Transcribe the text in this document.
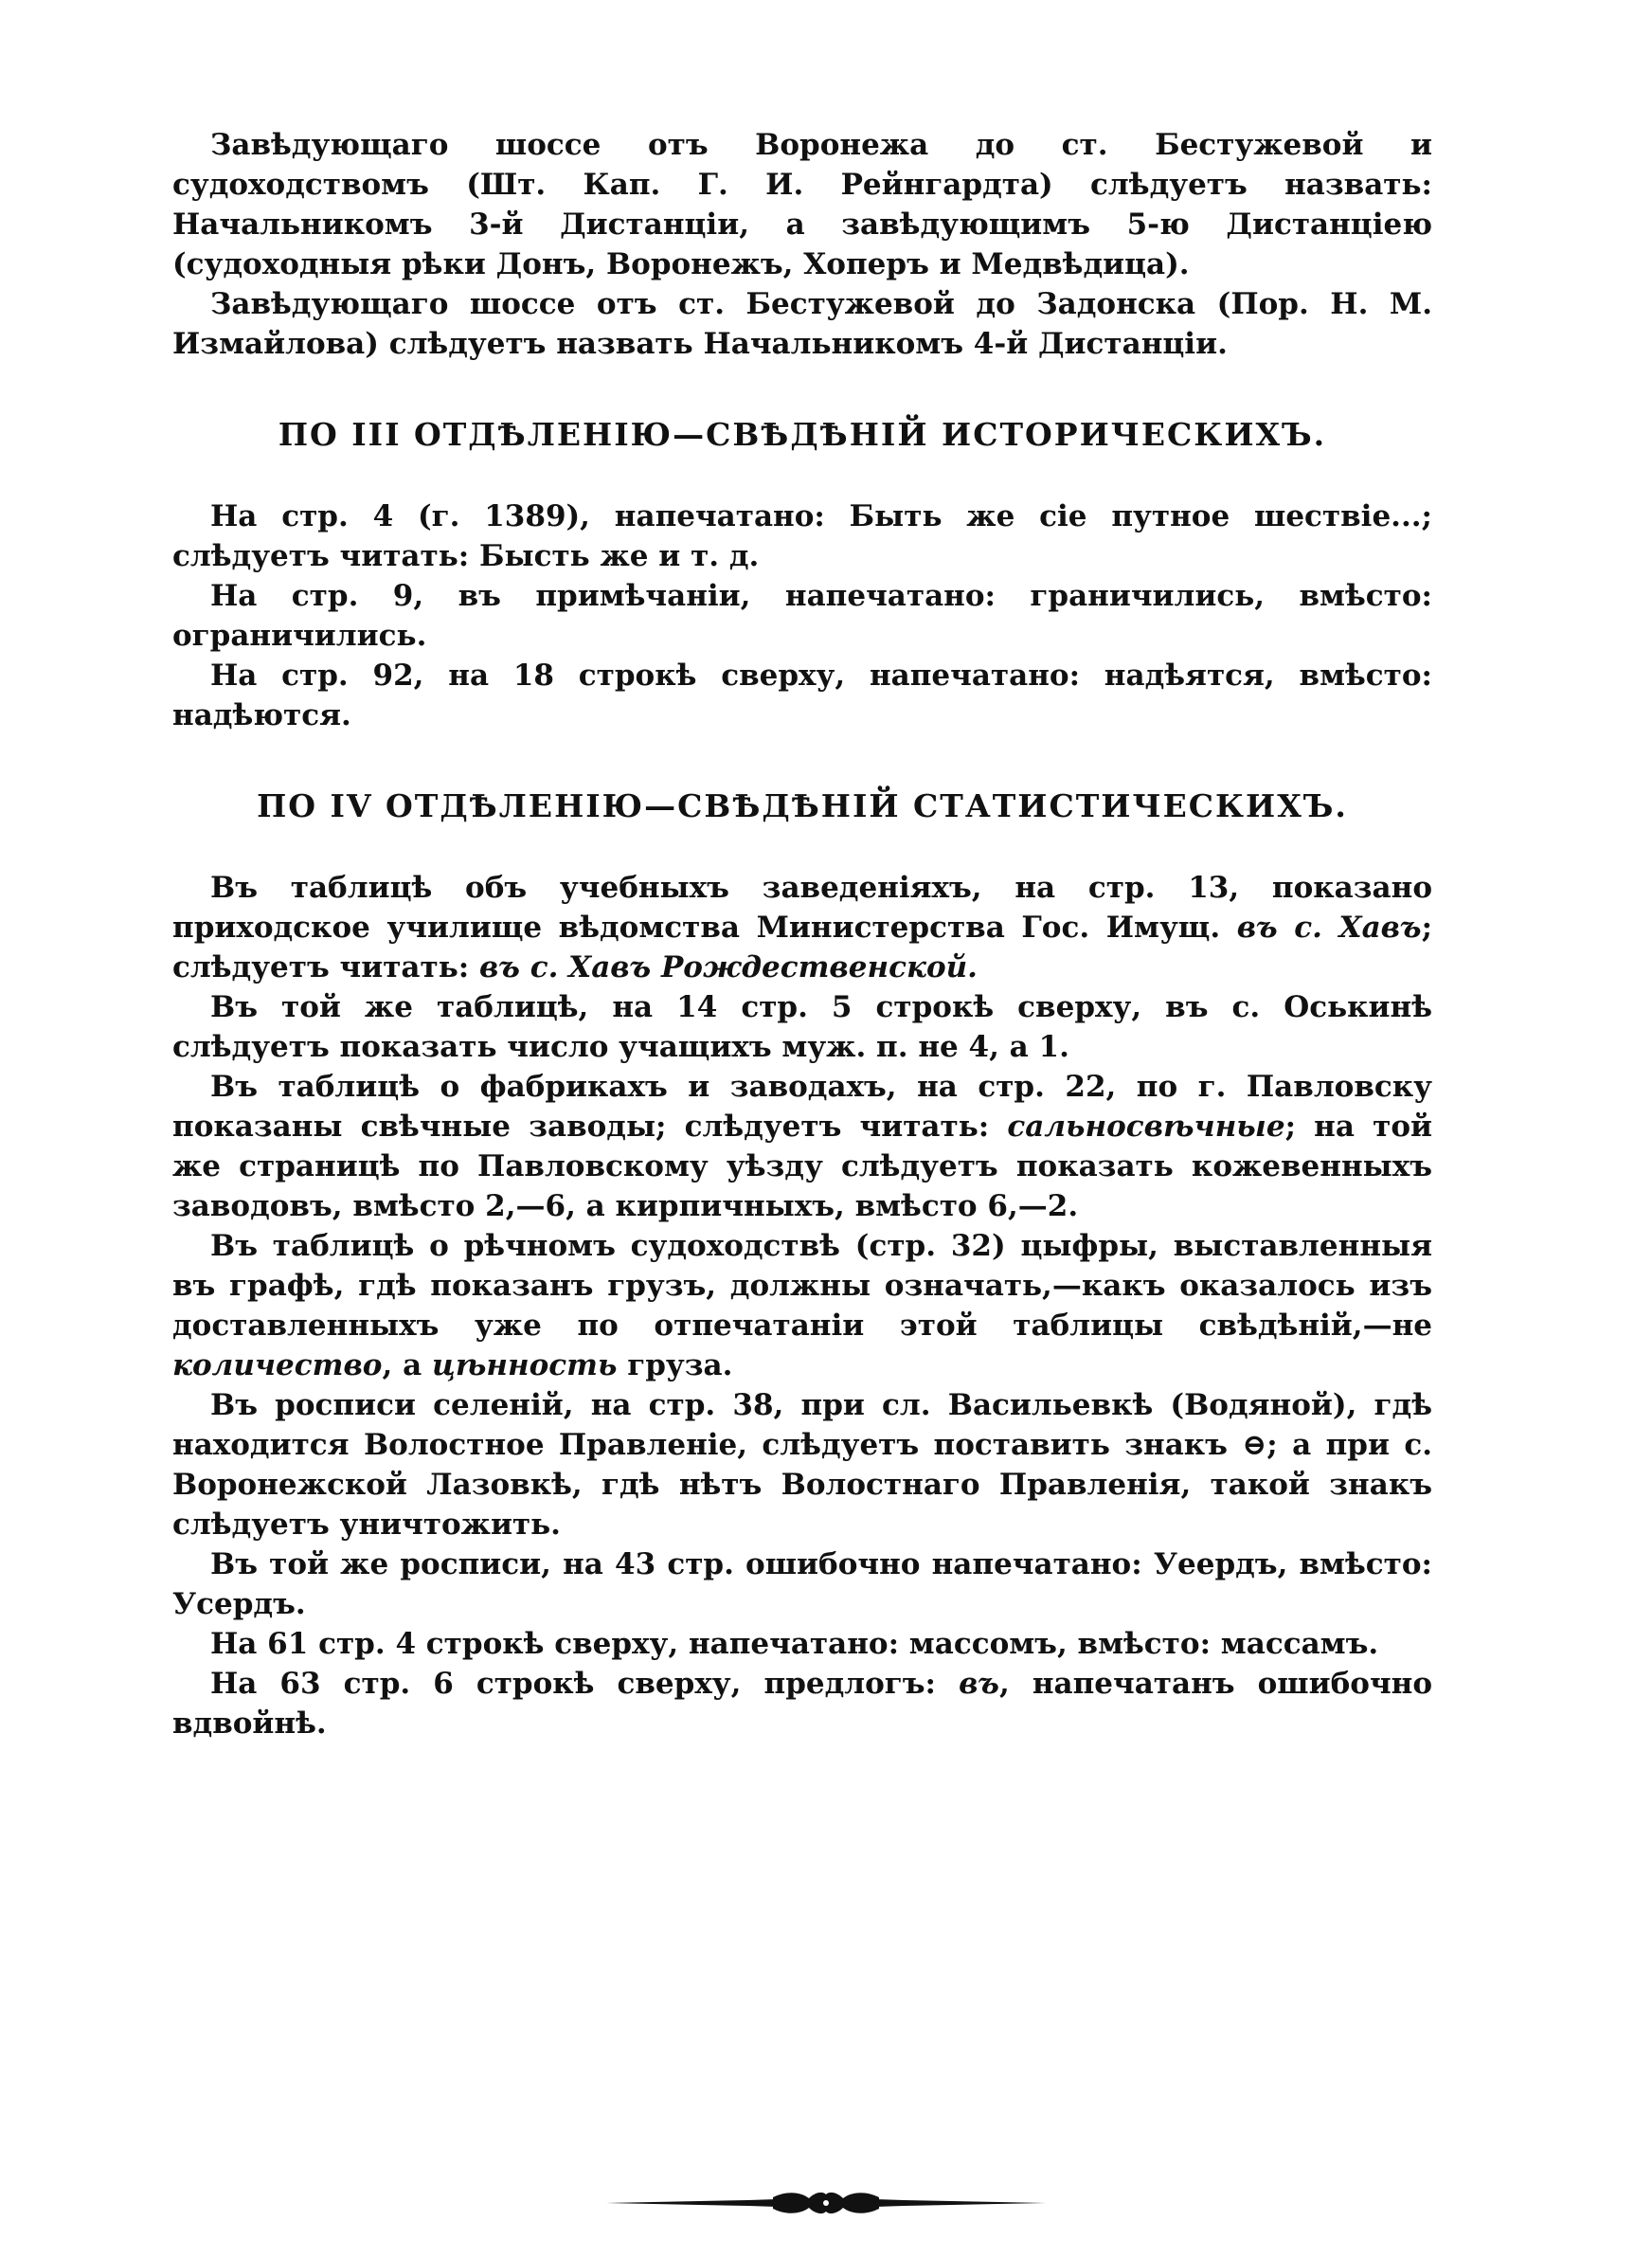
Завѣдующаго шоссе отъ Воронежа до ст. Бестужевой и судоходствомъ (Шт. Кап. Г. И. Рейнгардта) слѣдуетъ назвать: Начальникомъ 3-й Дистанціи, а завѣдующимъ 5-ю Дистанціею (судоходныя рѣки Донъ, Воронежъ, Хоперъ и Медвѣдица).

Завѣдующаго шоссе отъ ст. Бестужевой до Задонска (Пор. Н. М. Измайлова) слѣдуетъ назвать Начальникомъ 4-й Дистанціи.

ПО III ОТДѢЛЕНІЮ—СВѢДѢНІЙ ИСТОРИЧЕСКИХЪ.

На стр. 4 (г. 1389), напечатано: Быть же сіе путное шествіе...; слѣдуетъ читать: Бысть же и т. д.

На стр. 9, въ примѣчаніи, напечатано: граничились, вмѣсто: ограничились.

На стр. 92, на 18 строкѣ сверху, напечатано: надѣятся, вмѣсто: надѣются.

ПО IV ОТДѢЛЕНІЮ—СВѢДѢНІЙ СТАТИСТИЧЕСКИХЪ.

Въ таблицѣ объ учебныхъ заведеніяхъ, на стр. 13, показано приходское училище вѣдомства Министерства Гос. Имущ. въ с. Хавъ; слѣдуетъ читать: въ с. Хавъ Рождественской.

Въ той же таблицѣ, на 14 стр. 5 строкѣ сверху, въ с. Оськинѣ слѣдуетъ показать число учащихъ муж. п. не 4, а 1.

Въ таблицѣ о фабрикахъ и заводахъ, на стр. 22, по г. Павловску показаны свѣчные заводы; слѣдуетъ читать: сальносвѣчные; на той же страницѣ по Павловскому уѣзду слѣдуетъ показать кожевенныхъ заводовъ, вмѣсто 2,—6, а кирпичныхъ, вмѣсто 6,—2.

Въ таблицѣ о рѣчномъ судоходствѣ (стр. 32) цыфры, выставленныя въ графѣ, гдѣ показанъ грузъ, должны означать,—какъ оказалось изъ доставленныхъ уже по отпечатаніи этой таблицы свѣдѣній,—не количество, а цѣнность груза.

Въ росписи селеній, на стр. 38, при сл. Васильевкѣ (Водяной), гдѣ находится Волостное Правленіе, слѣдуетъ поставить знакъ ⊖; а при с. Воронежской Лазовкѣ, гдѣ нѣтъ Волостнаго Правленія, такой знакъ слѣдуетъ уничтожить.

Въ той же росписи, на 43 стр. ошибочно напечатано: Уеердъ, вмѣсто: Усердъ.

На 61 стр. 4 строкѣ сверху, напечатано: массомъ, вмѣсто: массамъ.

На 63 стр. 6 строкѣ сверху, предлогъ: въ, напечатанъ ошибочно вдвойнѣ.
